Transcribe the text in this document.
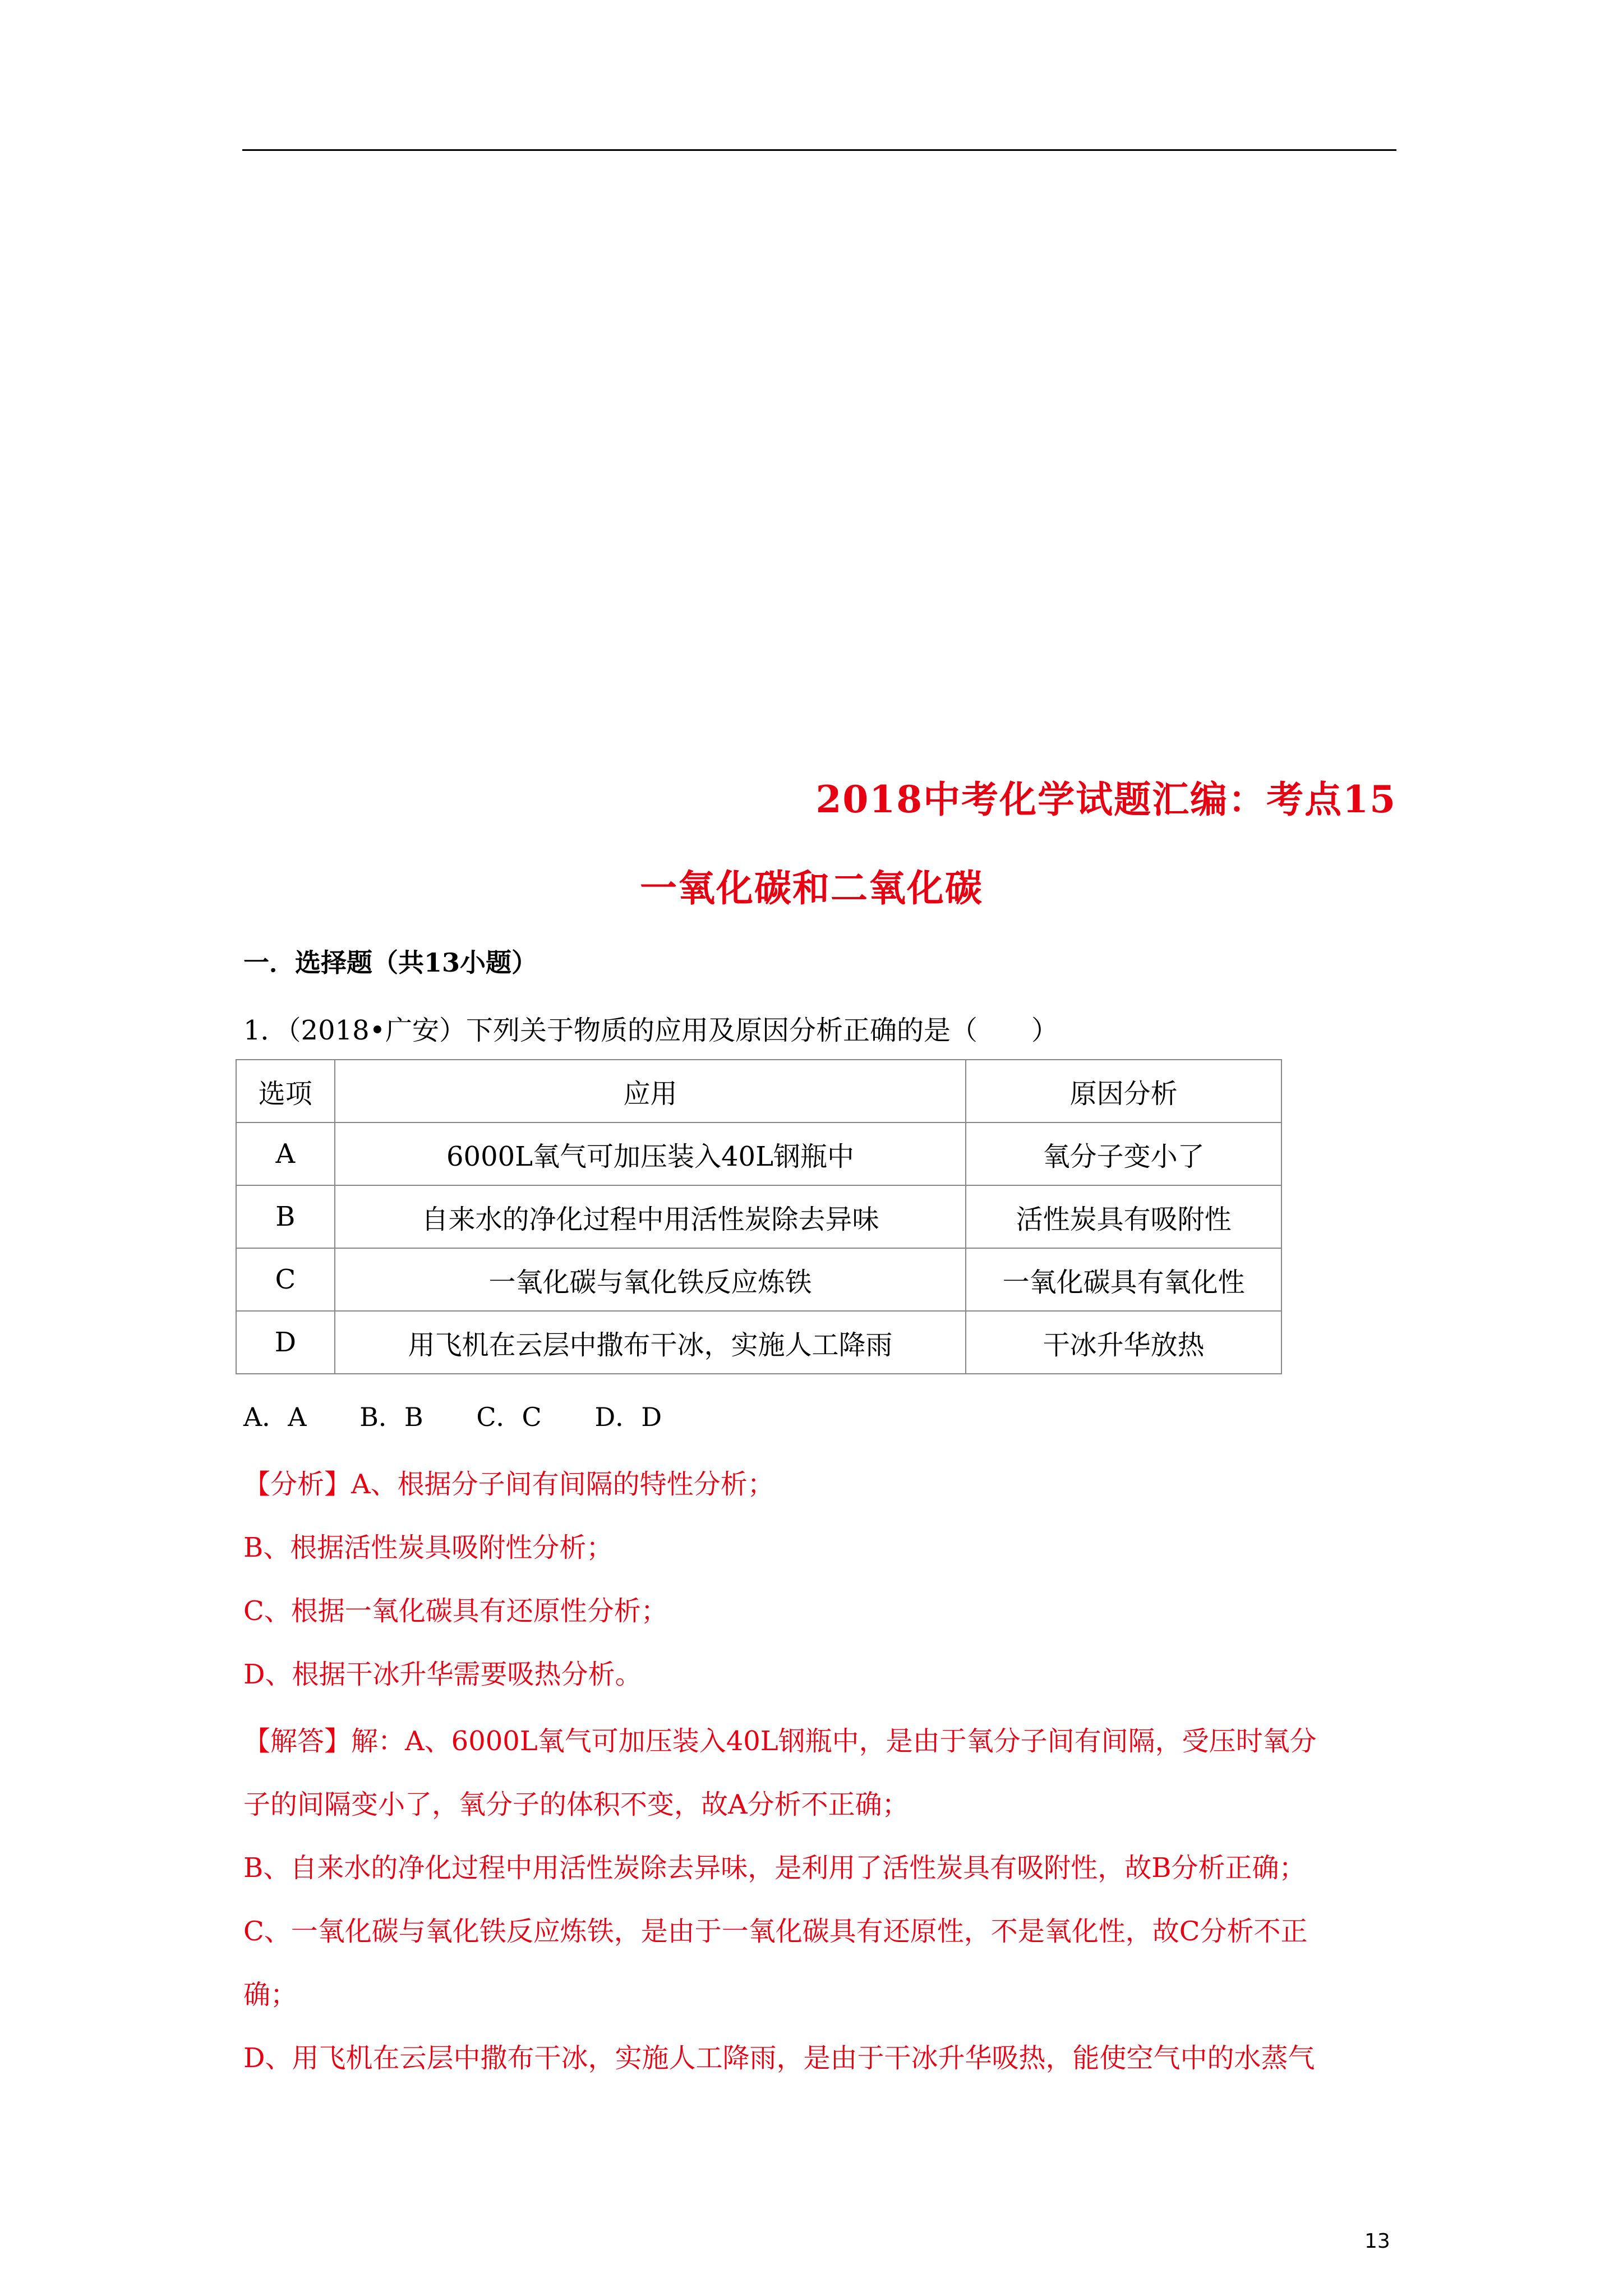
2018中考化学试题汇编：考点15
一氧化碳和二氧化碳
一．选择题（共13小题）
1．（2018•广安）下列关于物质的应用及原因分析正确的是（　　）
选项	应用	原因分析
A	6000L氧气可加压装入40L钢瓶中	氧分子变小了
B	自来水的净化过程中用活性炭除去异味	活性炭具有吸附性
C	一氧化碳与氧化铁反应炼铁	一氧化碳具有氧化性
D	用飞机在云层中撒布干冰，实施人工降雨	干冰升华放热
A．A B．B C．C D．D
【分析】A、根据分子间有间隔的特性分析；
B、根据活性炭具吸附性分析；
C、根据一氧化碳具有还原性分析；
D、根据干冰升华需要吸热分析。
【解答】解：A、6000L氧气可加压装入40L钢瓶中，是由于氧分子间有间隔，受压时氧分
子的间隔变小了，氧分子的体积不变，故A分析不正确；
B、自来水的净化过程中用活性炭除去异味，是利用了活性炭具有吸附性，故B分析正确；
C、一氧化碳与氧化铁反应炼铁，是由于一氧化碳具有还原性，不是氧化性，故C分析不正
确；
D、用飞机在云层中撒布干冰，实施人工降雨，是由于干冰升华吸热，能使空气中的水蒸气
13
